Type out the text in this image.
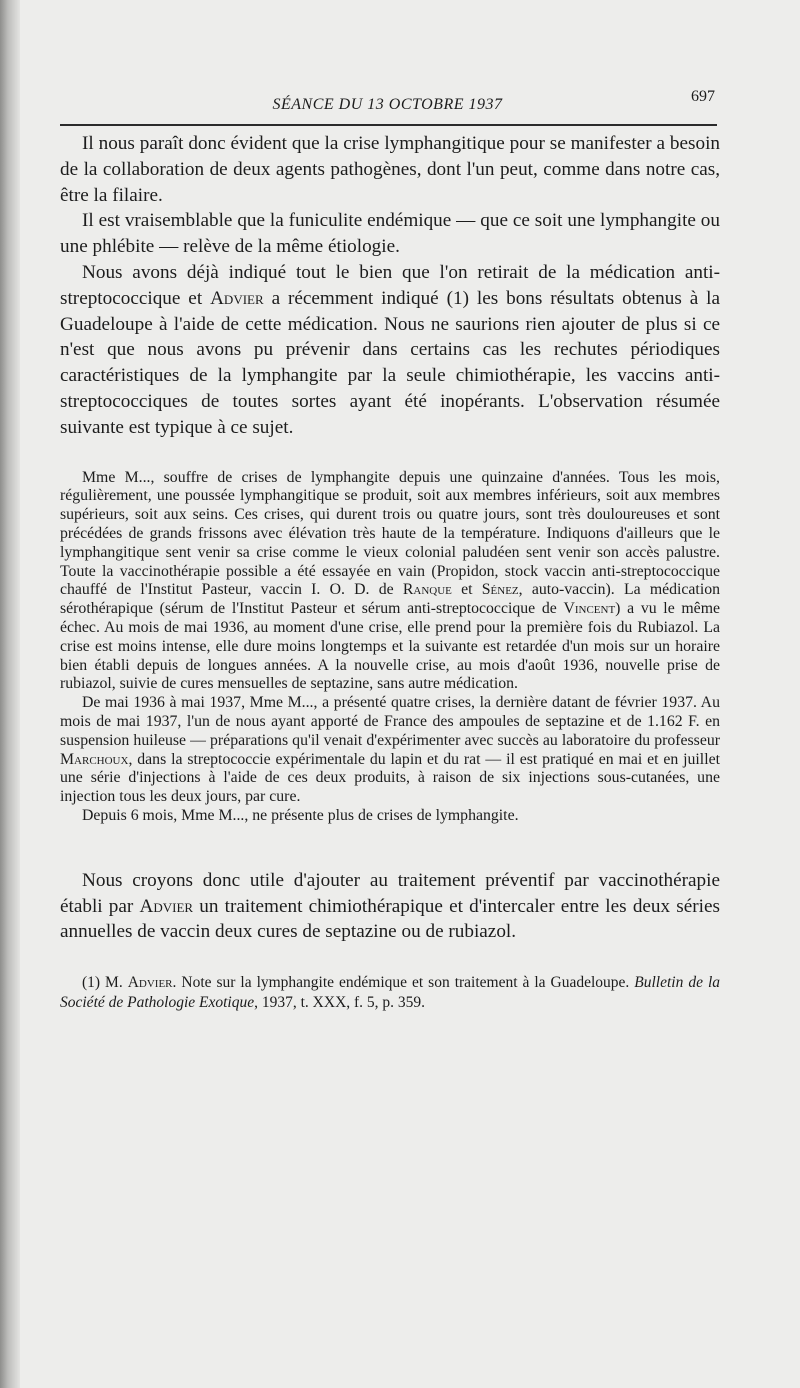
SÉANCE DU 13 OCTOBRE 1937	697

Il nous paraît donc évident que la crise lymphangitique pour se manifester a besoin de la collaboration de deux agents pathogènes, dont l'un peut, comme dans notre cas, être la filaire.

Il est vraisemblable que la funiculite endémique — que ce soit une lymphangite ou une phlébite — relève de la même étiologie.

Nous avons déjà indiqué tout le bien que l'on retirait de la médication anti-streptococcique et Advier a récemment indiqué (1) les bons résultats obtenus à la Guadeloupe à l'aide de cette médication. Nous ne saurions rien ajouter de plus si ce n'est que nous avons pu prévenir dans certains cas les rechutes périodiques caractéristiques de la lymphangite par la seule chimiothérapie, les vaccins anti-streptococciques de toutes sortes ayant été inopérants. L'observation résumée suivante est typique à ce sujet.

Mme M..., souffre de crises de lymphangite depuis une quinzaine d'années. Tous les mois, régulièrement, une poussée lymphangitique se produit, soit aux membres inférieurs, soit aux membres supérieurs, soit aux seins. Ces crises, qui durent trois ou quatre jours, sont très douloureuses et sont précédées de grands frissons avec élévation très haute de la température. Indiquons d'ailleurs que le lymphangitique sent venir sa crise comme le vieux colonial paludéen sent venir son accès palustre. Toute la vaccinothérapie possible a été essayée en vain (Propidon, stock vaccin anti-streptococcique chauffé de l'Institut Pasteur, vaccin I. O. D. de Ranque et Sénez, auto-vaccin). La médication sérothérapique (sérum de l'Institut Pasteur et sérum anti-streptococcique de Vincent) a vu le même échec. Au mois de mai 1936, au moment d'une crise, elle prend pour la première fois du Rubiazol. La crise est moins intense, elle dure moins longtemps et la suivante est retardée d'un mois sur un horaire bien établi depuis de longues années. A la nouvelle crise, au mois d'août 1936, nouvelle prise de rubiazol, suivie de cures mensuelles de septazine, sans autre médication.

De mai 1936 à mai 1937, Mme M..., a présenté quatre crises, la dernière datant de février 1937. Au mois de mai 1937, l'un de nous ayant apporté de France des ampoules de septazine et de 1.162 F. en suspension huileuse — préparations qu'il venait d'expérimenter avec succès au laboratoire du professeur Marchoux, dans la streptococcie expérimentale du lapin et du rat — il est pratiqué en mai et en juillet une série d'injections à l'aide de ces deux produits, à raison de six injections sous-cutanées, une injection tous les deux jours, par cure.

Depuis 6 mois, Mme M..., ne présente plus de crises de lymphangite.

Nous croyons donc utile d'ajouter au traitement préventif par vaccinothérapie établi par Advier un traitement chimiothérapique et d'intercaler entre les deux séries annuelles de vaccin deux cures de septazine ou de rubiazol.

(1) M. Advier. Note sur la lymphangite endémique et son traitement à la Guadeloupe. Bulletin de la Société de Pathologie Exotique, 1937, t. XXX, f. 5, p. 359.
